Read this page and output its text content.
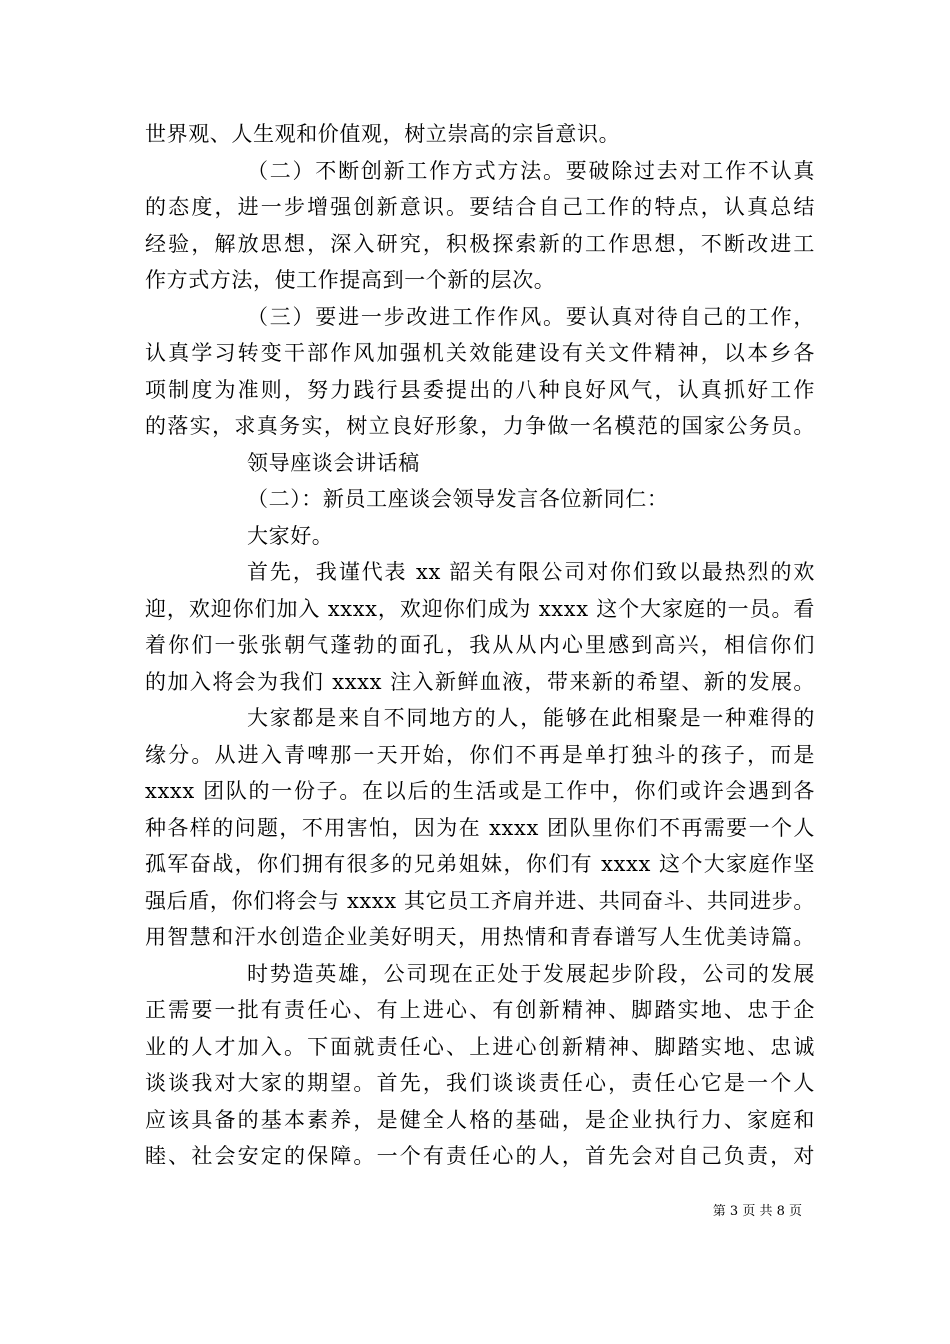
世界观、人生观和价值观，树立崇高的宗旨意识。
（二）不断创新工作方式方法。要破除过去对工作不认真
的态度，进一步增强创新意识。要结合自己工作的特点，认真总结
经验，解放思想，深入研究，积极探索新的工作思想，不断改进工
作方式方法，使工作提高到一个新的层次。
（三）要进一步改进工作作风。要认真对待自己的工作，
认真学习转变干部作风加强机关效能建设有关文件精神，以本乡各
项制度为准则，努力践行县委提出的八种良好风气，认真抓好工作
的落实，求真务实，树立良好形象，力争做一名模范的国家公务员。
领导座谈会讲话稿
（二）：新员工座谈会领导发言各位新同仁：
大家好。
首先，我谨代表 xx 韶关有限公司对你们致以最热烈的欢
迎，欢迎你们加入 xxxx，欢迎你们成为 xxxx 这个大家庭的一员。看
着你们一张张朝气蓬勃的面孔，我从从内心里感到高兴，相信你们
的加入将会为我们 xxxx 注入新鲜血液，带来新的希望、新的发展。
大家都是来自不同地方的人，能够在此相聚是一种难得的
缘分。从进入青啤那一天开始，你们不再是单打独斗的孩子，而是
xxxx 团队的一份子。在以后的生活或是工作中，你们或许会遇到各
种各样的问题，不用害怕，因为在 xxxx 团队里你们不再需要一个人
孤军奋战，你们拥有很多的兄弟姐妹，你们有 xxxx 这个大家庭作坚
强后盾，你们将会与 xxxx 其它员工齐肩并进、共同奋斗、共同进步。
用智慧和汗水创造企业美好明天，用热情和青春谱写人生优美诗篇。
时势造英雄，公司现在正处于发展起步阶段，公司的发展
正需要一批有责任心、有上进心、有创新精神、脚踏实地、忠于企
业的人才加入。下面就责任心、上进心创新精神、脚踏实地、忠诚
谈谈我对大家的期望。首先，我们谈谈责任心，责任心它是一个人
应该具备的基本素养，是健全人格的基础，是企业执行力、家庭和
睦、社会安定的保障。一个有责任心的人，首先会对自己负责，对
第 3 页 共 8 页
